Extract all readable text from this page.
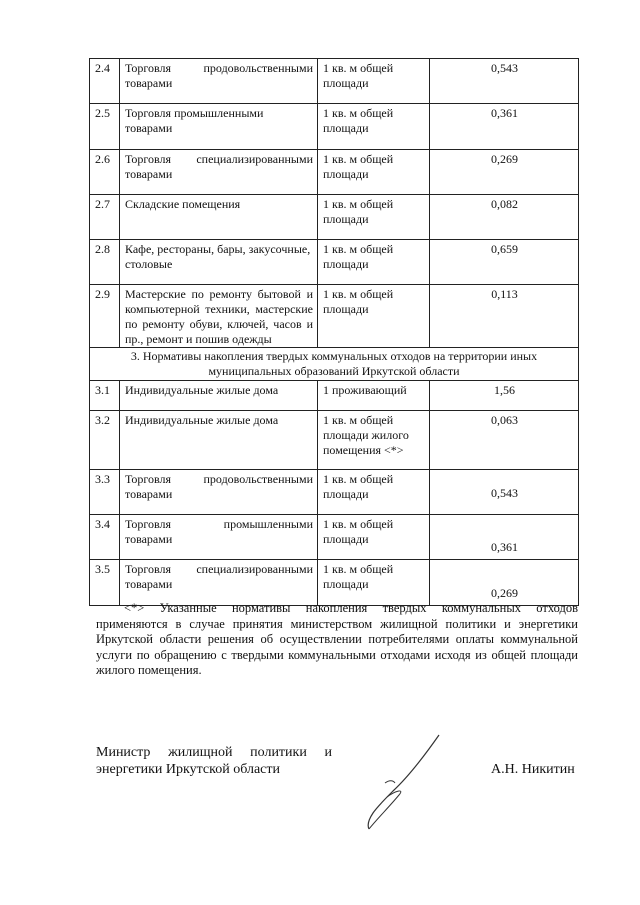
2.4	Торговля продовольственными товарами	1 кв. м общей площади	0,543
2.5	Торговля промышленными товарами	1 кв. м общей площади	0,361
2.6	Торговля специализированными товарами	1 кв. м общей площади	0,269
2.7	Складские помещения	1 кв. м общей площади	0,082
2.8	Кафе, рестораны, бары, закусочные, столовые	1 кв. м общей площади	0,659
2.9	Мастерские по ремонту бытовой и компьютерной техники, мастерские по ремонту обуви, ключей, часов и пр., ремонт и пошив одежды	1 кв. м общей площади	0,113
3. Нормативы накопления твердых коммунальных отходов на территории иных муниципальных образований Иркутской области			
3.1	Индивидуальные жилые дома	1 проживающий	1,56
3.2	Индивидуальные жилые дома	1 кв. м общей площади жилого помещения <*>	0,063
3.3	Торговля продовольственными товарами	1 кв. м общей площади	0,543
3.4	Торговля промышленными товарами	1 кв. м общей площади	0,361
3.5	Торговля специализированными товарами	1 кв. м общей площади	0,269

<*> Указанные нормативы накопления твердых коммунальных отходов применяются в случае принятия министерством жилищной политики и энергетики Иркутской области решения об осуществлении потребителями оплаты коммунальной услуги по обращению с твердыми коммунальными отходами исходя из общей площади жилого помещения.

Министр жилищной политики и
энергетики Иркутской области	А.Н. Никитин
